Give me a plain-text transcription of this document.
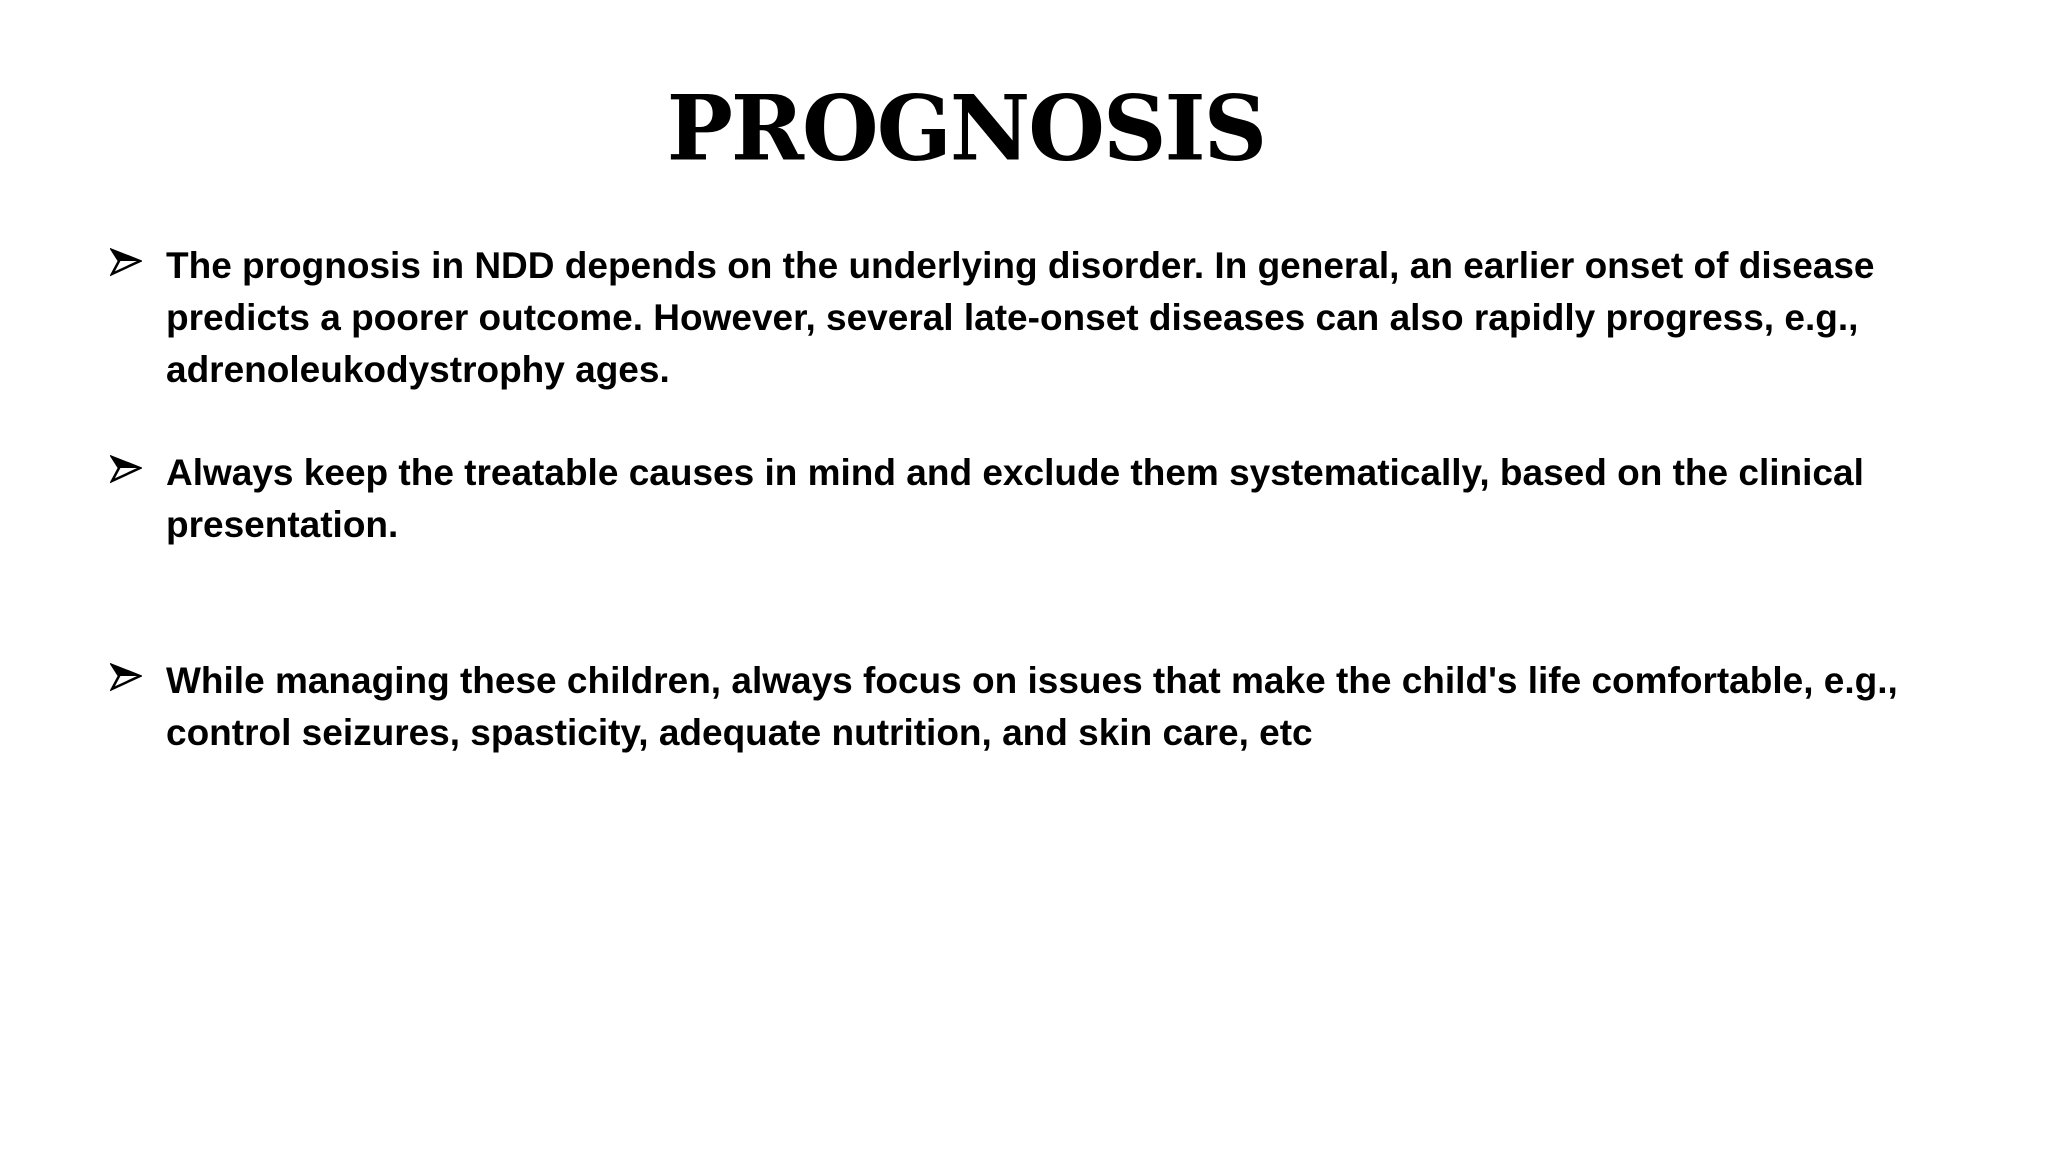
PROGNOSIS
The prognosis in NDD depends on the underlying disorder. In general, an earlier onset of disease predicts a poorer outcome. However, several late-onset diseases can also rapidly progress, e.g., adrenoleukodystrophy ages.
Always keep the treatable causes in mind and exclude them systematically, based on the clinical presentation.
While managing these children, always focus on issues that make the child's life comfortable, e.g., control seizures, spasticity, adequate nutrition, and skin care, etc
